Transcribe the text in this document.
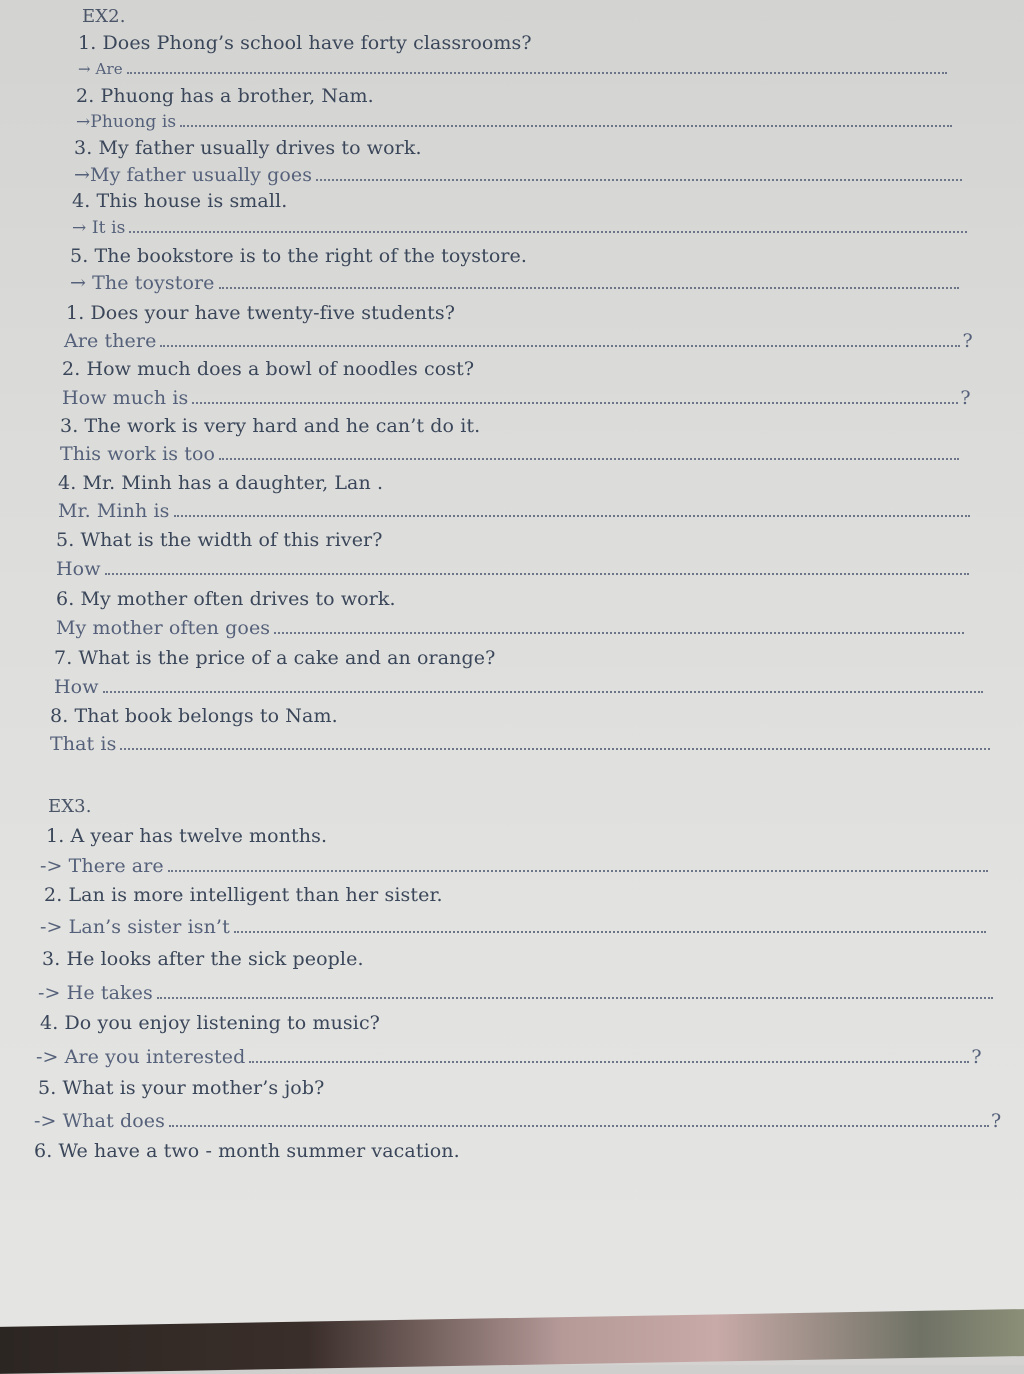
EX2.
1. Does Phong’s school have forty classrooms?
→ Are
2. Phuong has a brother, Nam.
→Phuong is
3. My father usually drives to work.
→My father usually goes
4. This house is small.
→ It is
5. The bookstore is to the right of the toystore.
→ The toystore
1. Does your have twenty-five students?
Are there	?
2. How much does a bowl of noodles cost?
How much is	?
3. The work is very hard and he can’t do it.
This work is too
4. Mr. Minh has a daughter, Lan .
Mr. Minh is
5. What is the width of this river?
How
6. My mother often drives to work.
My mother often goes
7. What is the price of a cake and an orange?
How
8. That book belongs to Nam.
That is
EX3.
1. A year has twelve months.
-> There are
2. Lan is more intelligent than her sister.
-> Lan’s sister isn’t
3. He looks after the sick people.
-> He takes
4. Do you enjoy listening to music?
-> Are you interested	?
5. What is your mother’s job?
-> What does	?
6. We have a two - month summer vacation.
